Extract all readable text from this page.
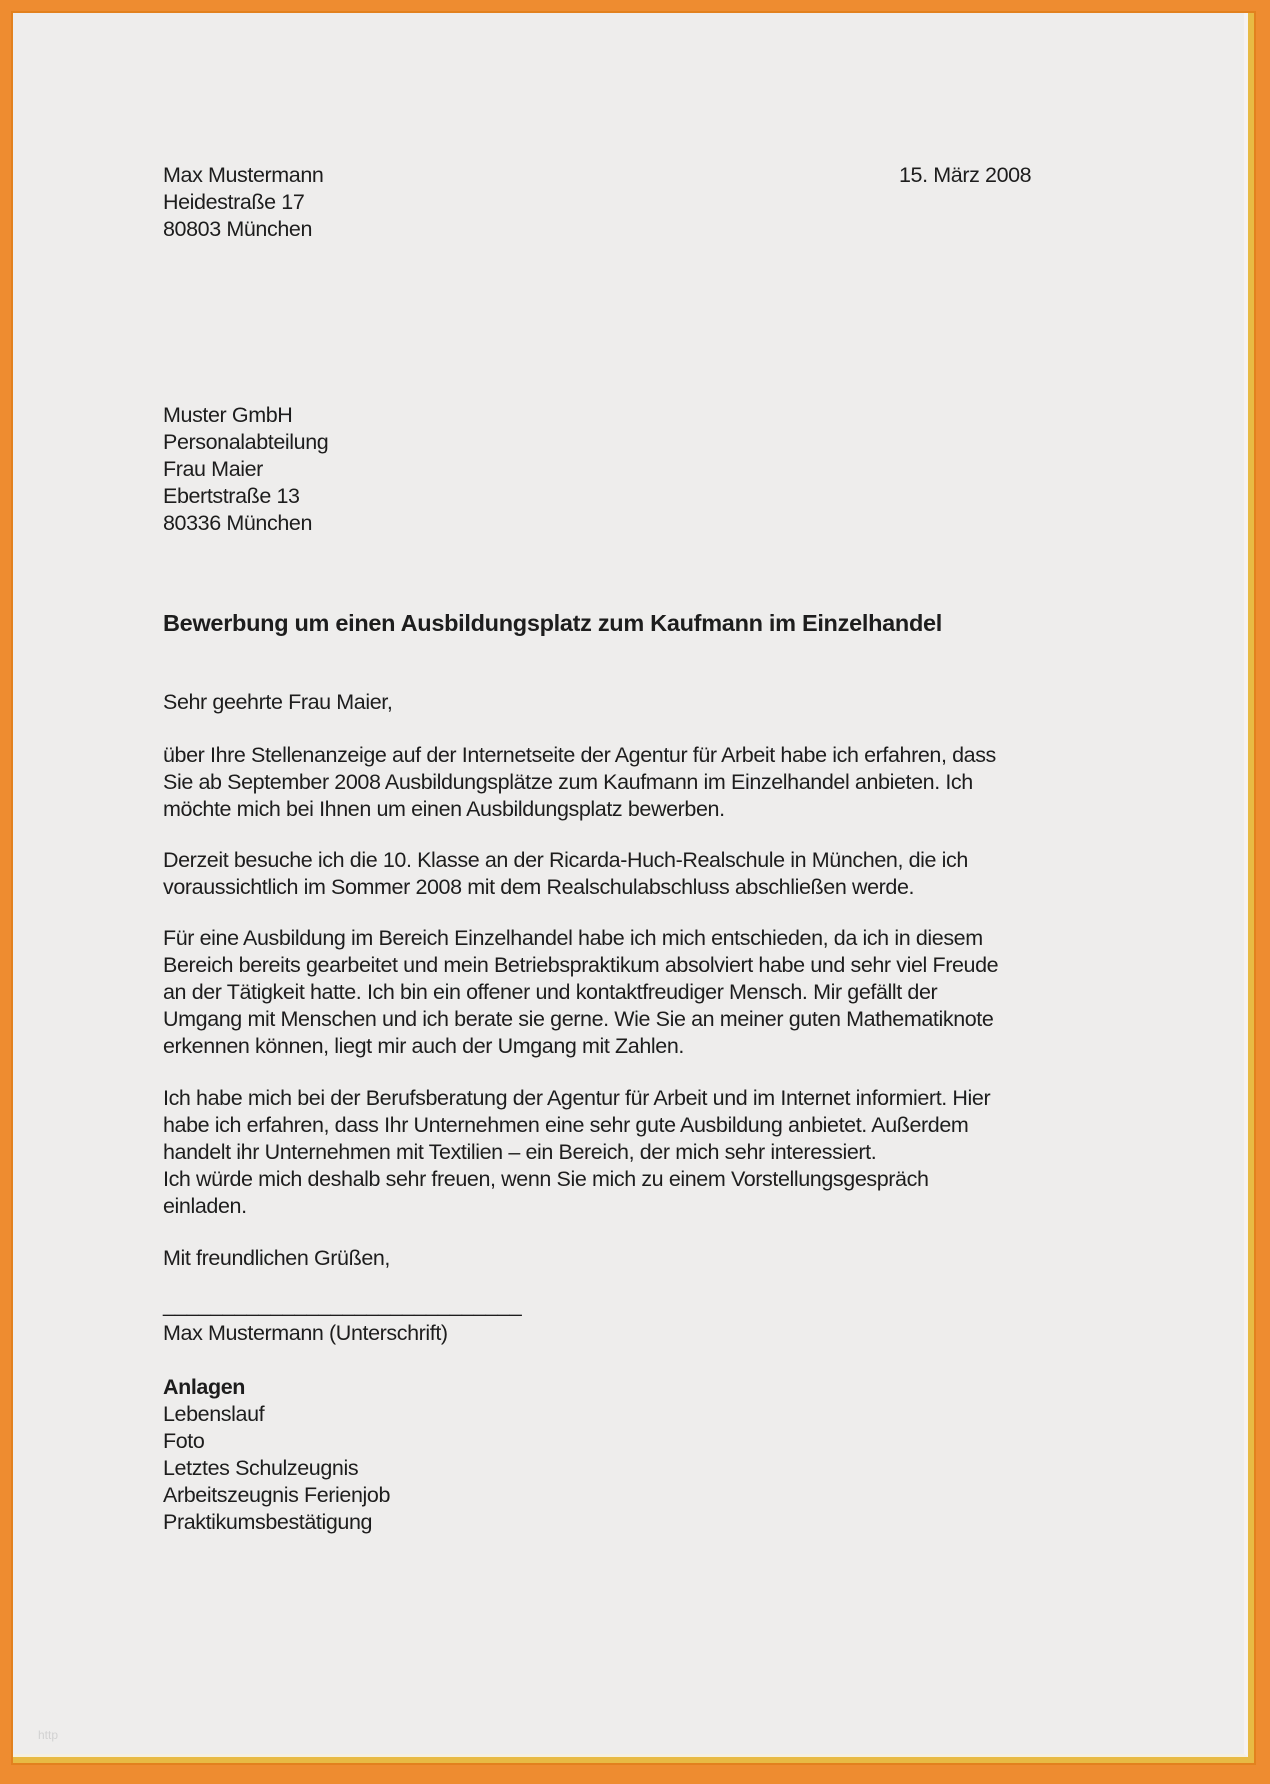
Max Mustermann
Heidestraße 17
80803 München
15. März 2008
Muster GmbH
Personalabteilung
Frau Maier
Ebertstraße 13
80336 München
Bewerbung um einen Ausbildungsplatz zum Kaufmann im Einzelhandel
Sehr geehrte Frau Maier,
über Ihre Stellenanzeige auf der Internetseite der Agentur für Arbeit habe ich erfahren, dass
Sie ab September 2008 Ausbildungsplätze zum Kaufmann im Einzelhandel anbieten. Ich
möchte mich bei Ihnen um einen Ausbildungsplatz bewerben.
Derzeit besuche ich die 10. Klasse an der Ricarda-Huch-Realschule in München, die ich
voraussichtlich im Sommer 2008 mit dem Realschulabschluss abschließen werde.
Für eine Ausbildung im Bereich Einzelhandel habe ich mich entschieden, da ich in diesem
Bereich bereits gearbeitet und mein Betriebspraktikum absolviert habe und sehr viel Freude
an der Tätigkeit hatte. Ich bin ein offener und kontaktfreudiger Mensch. Mir gefällt der
Umgang mit Menschen und ich berate sie gerne. Wie Sie an meiner guten Mathematiknote
erkennen können, liegt mir auch der Umgang mit Zahlen.
Ich habe mich bei der Berufsberatung der Agentur für Arbeit und im Internet informiert. Hier
habe ich erfahren, dass Ihr Unternehmen eine sehr gute Ausbildung anbietet. Außerdem
handelt ihr Unternehmen mit Textilien – ein Bereich, der mich sehr interessiert.
Ich würde mich deshalb sehr freuen, wenn Sie mich zu einem Vorstellungsgespräch
einladen.
Mit freundlichen Grüßen,
______________________________
Max Mustermann (Unterschrift)
Anlagen
Lebenslauf
Foto
Letztes Schulzeugnis
Arbeitszeugnis Ferienjob
Praktikumsbestätigung
http
